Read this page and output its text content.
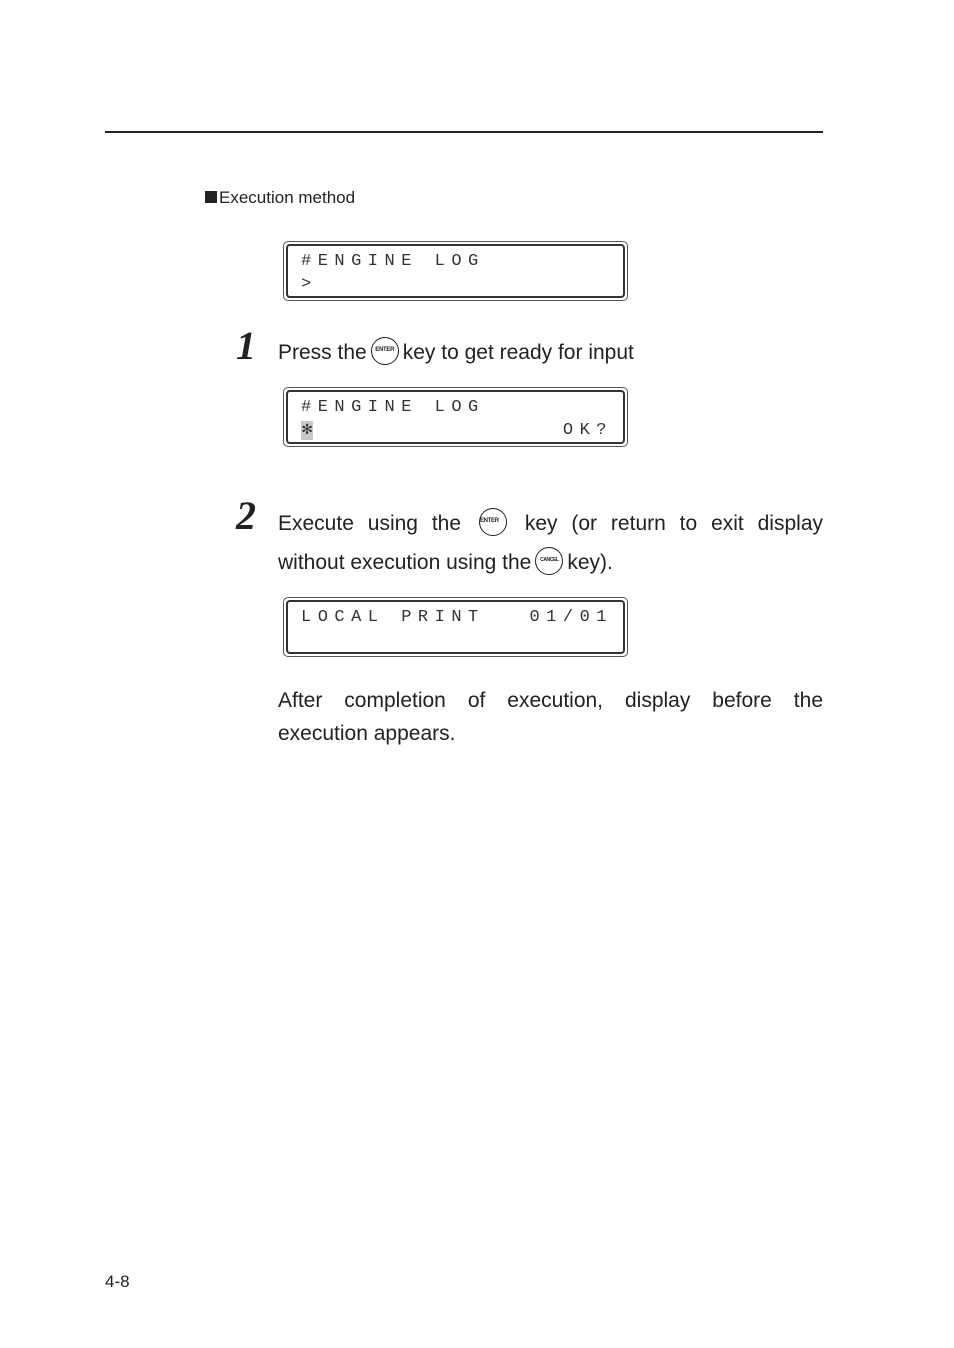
Execution method
#ENGINE LOG
>
1 Press the ENTER key to get ready for input
#ENGINE LOG
✻	OK?
2 Execute using the	ENTER key (or return to exit display
without execution using the CANCEL key).
LOCAL PRINT	01/01
After completion of execution, display before the
execution appears.
4-8
